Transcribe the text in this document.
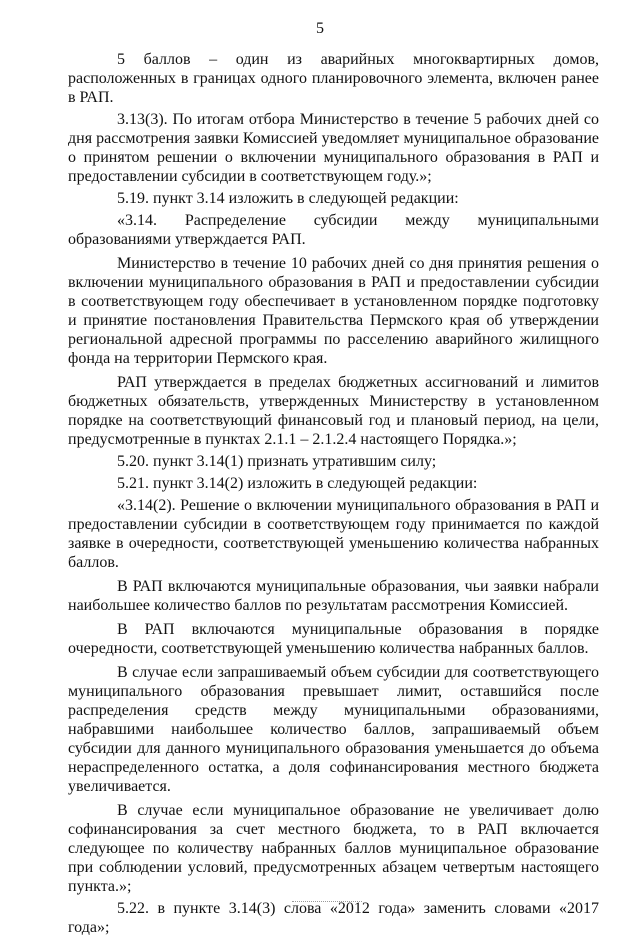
5

5 баллов – один из аварийных многоквартирных домов, расположенных в границах одного планировочного элемента, включен ранее в РАП.

3.13(3). По итогам отбора Министерство в течение 5 рабочих дней со дня рассмотрения заявки Комиссией уведомляет муниципальное образование о принятом решении о включении муниципального образования в РАП и предоставлении субсидии в соответствующем году.»;

5.19. пункт 3.14 изложить в следующей редакции:

«3.14. Распределение субсидии между муниципальными образованиями утверждается РАП.

Министерство в течение 10 рабочих дней со дня принятия решения о включении муниципального образования в РАП и предоставлении субсидии в соответствующем году обеспечивает в установленном порядке подготовку и принятие постановления Правительства Пермского края об утверждении региональной адресной программы по расселению аварийного жилищного фонда на территории Пермского края.

РАП утверждается в пределах бюджетных ассигнований и лимитов бюджетных обязательств, утвержденных Министерству в установленном порядке на соответствующий финансовый год и плановый период, на цели, предусмотренные в пунктах 2.1.1 – 2.1.2.4 настоящего Порядка.»;

5.20. пункт 3.14(1) признать утратившим силу;

5.21. пункт 3.14(2) изложить в следующей редакции:

«3.14(2). Решение о включении муниципального образования в РАП и предоставлении субсидии в соответствующем году принимается по каждой заявке в очередности, соответствующей уменьшению количества набранных баллов.

В РАП включаются муниципальные образования, чьи заявки набрали наибольшее количество баллов по результатам рассмотрения Комиссией.

В РАП включаются муниципальные образования в порядке очередности, соответствующей уменьшению количества набранных баллов.

В случае если запрашиваемый объем субсидии для соответствующего муниципального образования превышает лимит, оставшийся после распределения средств между муниципальными образованиями, набравшими наибольшее количество баллов, запрашиваемый объем субсидии для данного муниципального образования уменьшается до объема нераспределенного остатка, а доля софинансирования местного бюджета увеличивается.

В случае если муниципальное образование не увеличивает долю софинансирования за счет местного бюджета, то в РАП включается следующее по количеству набранных баллов муниципальное образование при соблюдении условий, предусмотренных абзацем четвертым настоящего пункта.»;

5.22. в пункте 3.14(3) слова «2012 года» заменить словами «2017 года»;
